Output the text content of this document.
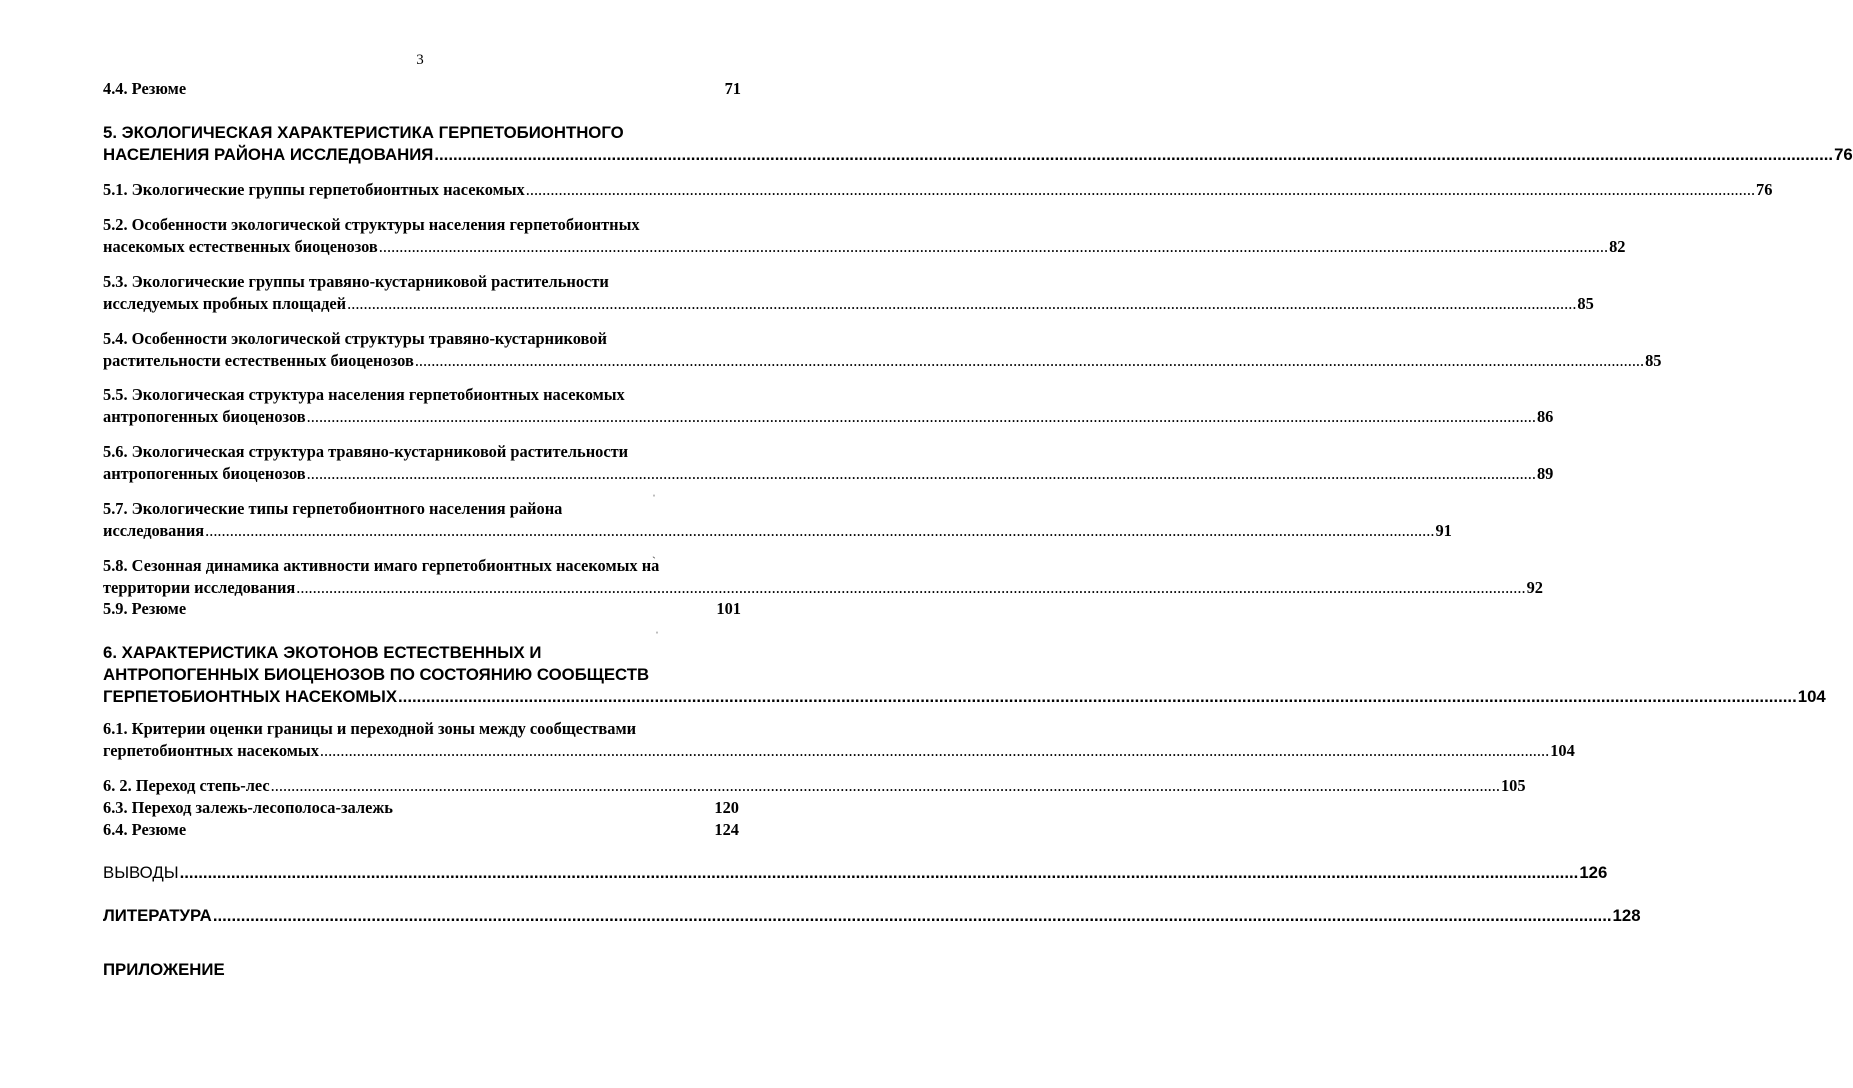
3
4.4. Резюме	71
5. ЭКОЛОГИЧЕСКАЯ ХАРАКТЕРИСТИКА ГЕРПЕТОБИОНТНОГО
НАСЕЛЕНИЯ РАЙОНА ИССЛЕДОВАНИЯ ............................................................................................................................................................................................................................................................................................................ 76
5.1. Экологические группы герпетобионтных насекомых ............................................................................................................................................................................................................................................................................................................ 76
5.2. Особенности экологической структуры населения герпетобионтных
насекомых естественных биоценозов ............................................................................................................................................................................................................................................................................................................ 82
5.3. Экологические группы травяно-кустарниковой растительности
исследуемых пробных площадей ............................................................................................................................................................................................................................................................................................................ 85
5.4. Особенности экологической структуры травяно-кустарниковой
растительности естественных биоценозов ............................................................................................................................................................................................................................................................................................................ 85
5.5. Экологическая структура населения герпетобионтных насекомых
антропогенных биоценозов ............................................................................................................................................................................................................................................................................................................ 86
5.6. Экологическая структура травяно-кустарниковой растительности
антропогенных биоценозов ............................................................................................................................................................................................................................................................................................................ 89
5.7. Экологические типы герпетобионтного населения района
исследования ............................................................................................................................................................................................................................................................................................................ 91
5.8. Сезонная динамика активности имаго герпетобионтных насекомых на
территории исследования ............................................................................................................................................................................................................................................................................................................ 92
5.9. Резюме	101
6. ХАРАКТЕРИСТИКА ЭКОТОНОВ ЕСТЕСТВЕННЫХ И
АНТРОПОГЕННЫХ БИОЦЕНОЗОВ ПО СОСТОЯНИЮ СООБЩЕСТВ
ГЕРПЕТОБИОНТНЫХ НАСЕКОМЫХ ............................................................................................................................................................................................................................................................................................................ 104
6.1. Критерии оценки границы и переходной зоны между сообществами
герпетобионтных насекомых ............................................................................................................................................................................................................................................................................................................ 104
6. 2. Переход степь-лес ............................................................................................................................................................................................................................................................................................................ 105
6.3. Переход залежь-лесополоса-залежь	120
6.4. Резюме	124
ВЫВОДЫ ............................................................................................................................................................................................................................................................................................................ 126
ЛИТЕРАТУРА ............................................................................................................................................................................................................................................................................................................ 128
ПРИЛОЖЕНИЕ
ˌ
ˏ
ˌ
